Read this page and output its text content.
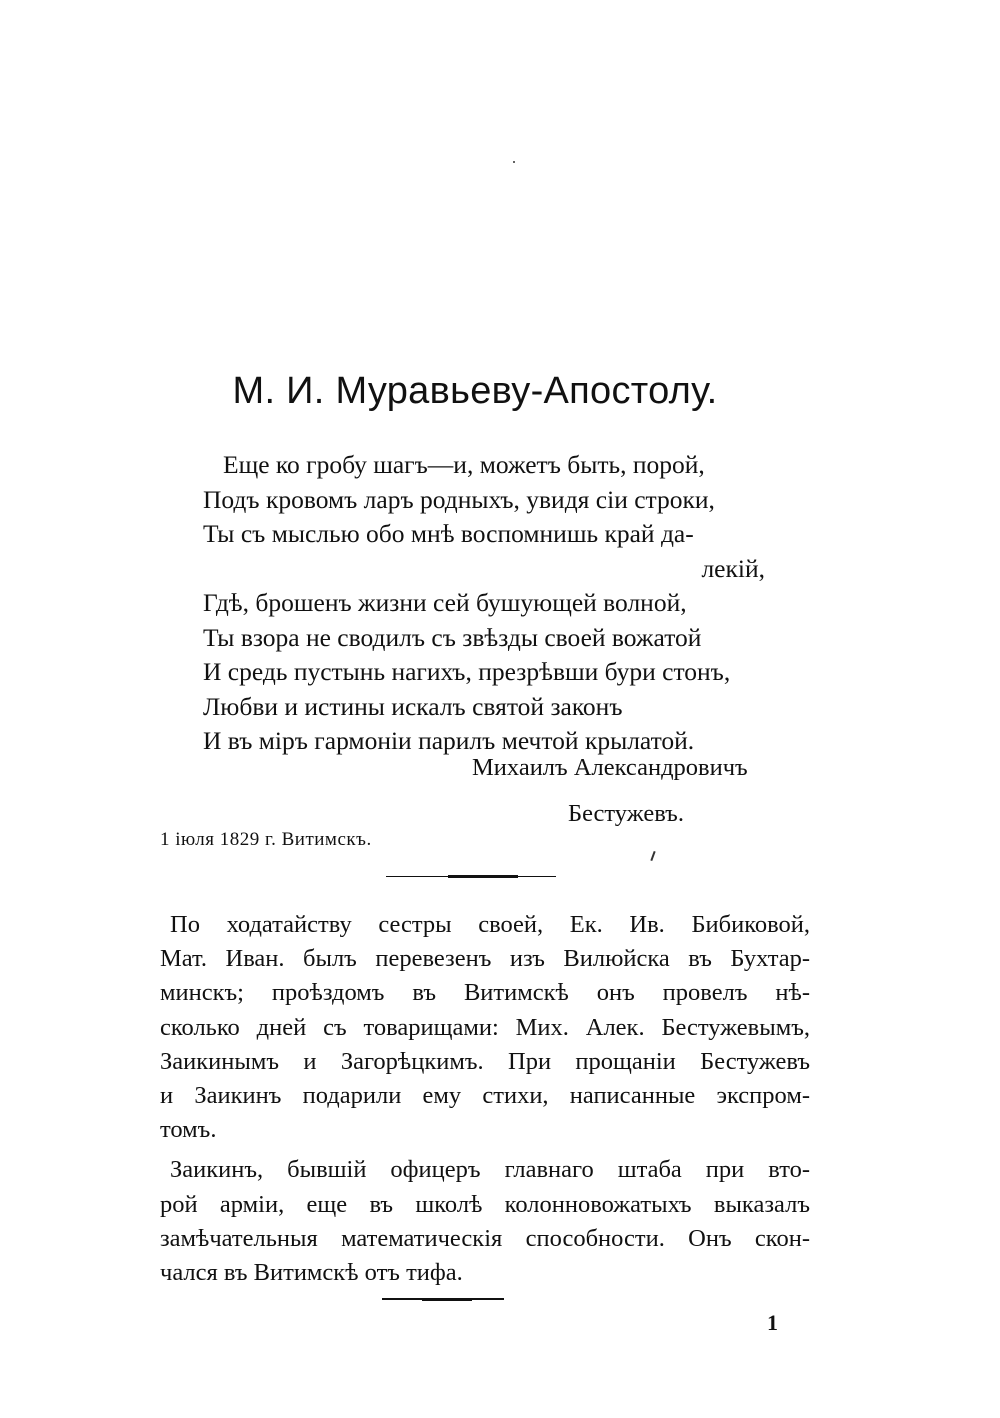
М. И. Муравьеву-Апостолу.
Еще ко гробу шагъ—и, можетъ быть, порой,
Подъ кровомъ ларъ родныхъ, увидя сiи строки,
Ты съ мыслью обо мнѣ воспомнишь край да-
лекiй,
Гдѣ, брошенъ жизни сей бушующей волной,
Ты взора не сводилъ съ звѣзды своей вожатой
И средь пустынь нагихъ, презрѣвши бури стонъ,
Любви и истины искалъ святой законъ
И въ мiръ гармонiи парилъ мечтой крылатой.
Михаилъ Александровичъ
Бестужевъ.
1 iюля 1829 г. Витимскъ.

По ходатайству сестры своей, Ек. Ив. Бибиковой,
Мат. Иван. былъ перевезенъ изъ Вилюйска въ Бухтар-
минскъ; проѣздомъ въ Витимскѣ онъ провелъ нѣ-
сколько дней съ товарищами: Мих. Алек. Бестужевымъ,
Заикинымъ и Загорѣцкимъ. При прощанiи Бестужевъ
и Заикинъ подарили ему стихи, написанные экспром-
томъ.

Заикинъ, бывшiй офицеръ главнаго штаба при вто-
рой армiи, еще въ школѣ колонновожатыхъ выказалъ
замѣчательныя математическiя способности. Онъ скон-
чался въ Витимскѣ отъ тифа.

1
